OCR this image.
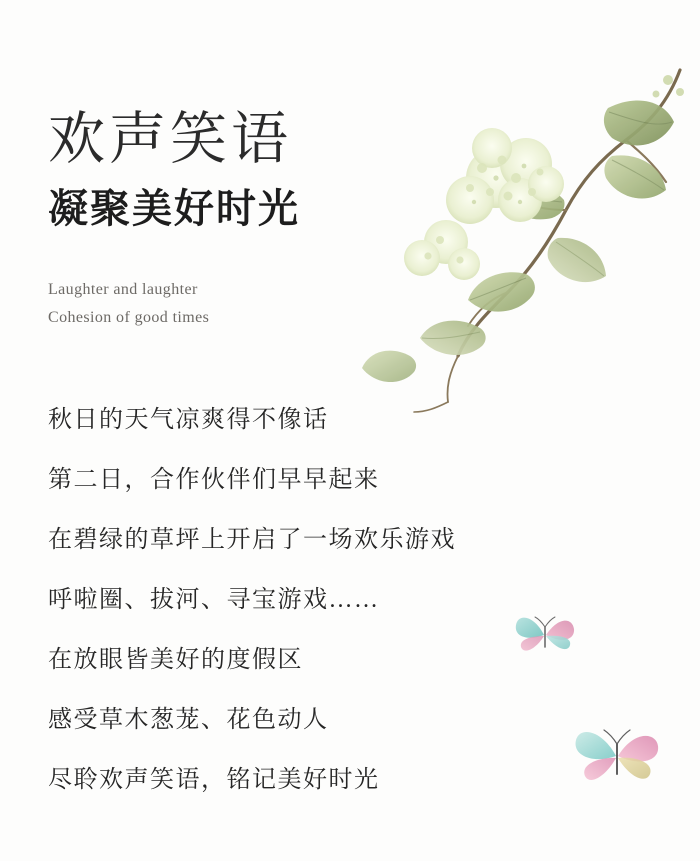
欢声笑语
凝聚美好时光
Laughter and laughter
Cohesion of good times

秋日的天气凉爽得不像话

第二日，合作伙伴们早早起来

在碧绿的草坪上开启了一场欢乐游戏

呼啦圈、拔河、寻宝游戏……

在放眼皆美好的度假区

感受草木葱茏、花色动人

尽聆欢声笑语，铭记美好时光
